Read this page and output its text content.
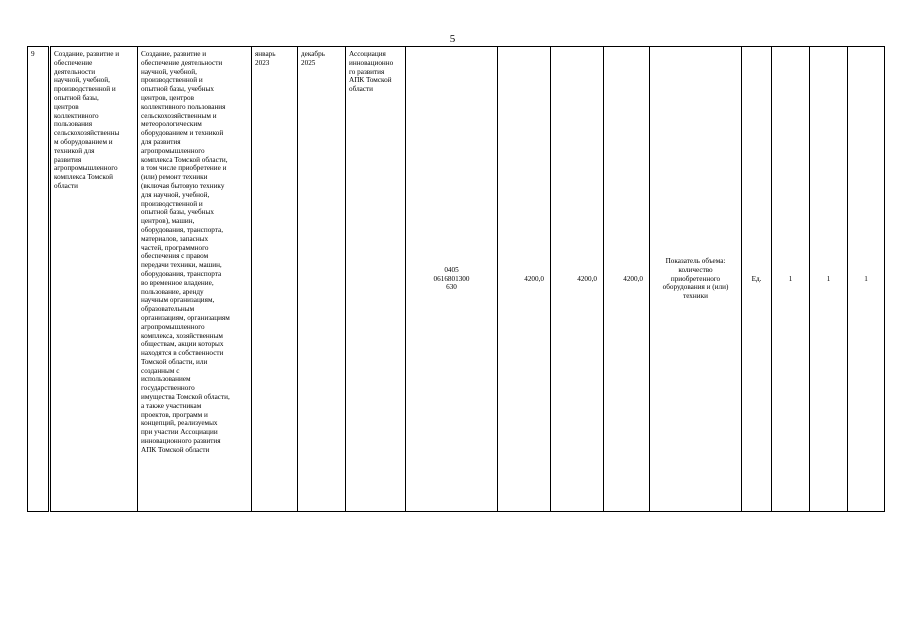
5
9	Создание, развитие и
обеспечение
деятельности
научной, учебной,
производственной и
опытной базы,
центров
коллективного
пользования
сельскохозяйственны
м оборудованием и
техникой для
развития
агропромышленного
комплекса Томской
области	Создание, развитие и
обеспечение деятельности
научной, учебной,
производственной и
опытной базы, учебных
центров, центров
коллективного пользования
сельскохозяйственным и
метеорологическим
оборудованием и техникой
для развития
агропромышленного
комплекса Томской области,
в том числе приобретение и
(или) ремонт техники
(включая бытовую технику
для научной, учебной,
производственной и
опытной базы, учебных
центров), машин,
оборудования, транспорта,
материалов, запасных
частей, программного
обеспечения с правом
передачи техники, машин,
оборудования, транспорта
во временное владение,
пользование, аренду
научным организациям,
образовательным
организациям, организациям
агропромышленного
комплекса, хозяйственным
обществам, акции которых
находятся в собственности
Томской области, или
созданным с
использованием
государственного
имущества Томской области,
а также участникам
проектов, программ и
концепций, реализуемых
при участии Ассоциации
инновационного развития
АПК Томской области	январь
2023	декабрь
2025	Ассоциация
инновационно
го развития
АПК Томской
области	0405
0616801300
630	4200,0	4200,0	4200,0	Показатель объема:
количество
приобретенного
оборудования и (или)
техники	Ед.	1	1	1
